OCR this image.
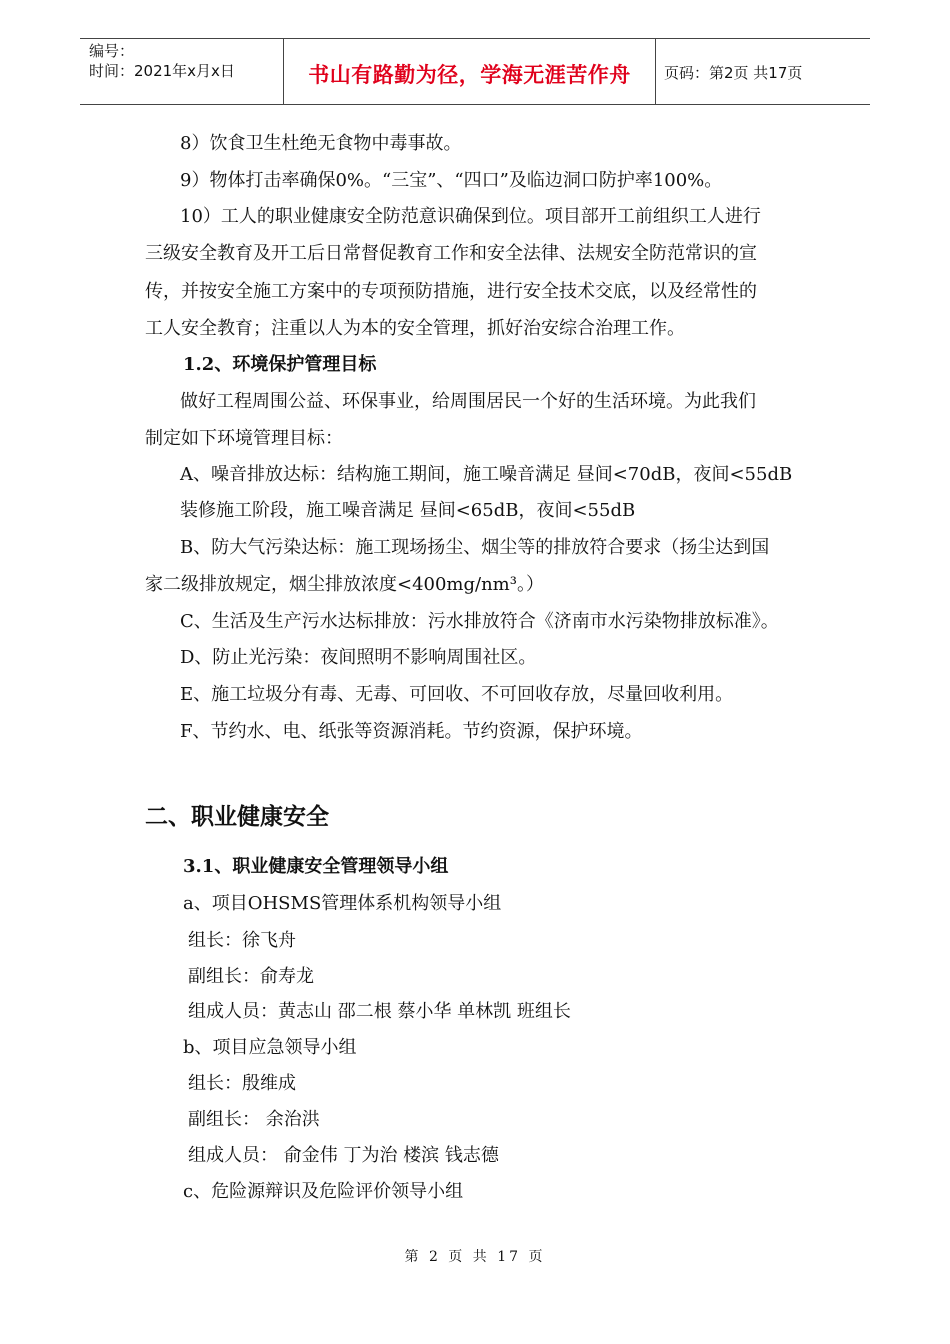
编号：
时间：2021年x月x日	书山有路勤为径，学海无涯苦作舟	页码：第2页 共17页
8）饮食卫生杜绝无食物中毒事故。
9）物体打击率确保0%。“三宝”、“四口”及临边洞口防护率100%。
10）工人的职业健康安全防范意识确保到位。项目部开工前组织工人进行
三级安全教育及开工后日常督促教育工作和安全法律、法规安全防范常识的宣
传，并按安全施工方案中的专项预防措施，进行安全技术交底，以及经常性的
工人安全教育；注重以人为本的安全管理，抓好治安综合治理工作。
1.2、环境保护管理目标
做好工程周围公益、环保事业，给周围居民一个好的生活环境。为此我们
制定如下环境管理目标：
A、噪音排放达标：结构施工期间，施工噪音满足 昼间<70dB，夜间<55dB
装修施工阶段，施工噪音满足 昼间<65dB，夜间<55dB
B、防大气污染达标：施工现场扬尘、烟尘等的排放符合要求（扬尘达到国
家二级排放规定，烟尘排放浓度<400mg/nm³。）
C、生活及生产污水达标排放：污水排放符合《济南市水污染物排放标准》。
D、防止光污染：夜间照明不影响周围社区。
E、施工垃圾分有毒、无毒、可回收、不可回收存放，尽量回收利用。
F、节约水、电、纸张等资源消耗。节约资源，保护环境。
二、职业健康安全
3.1、职业健康安全管理领导小组
a、项目OHSMS管理体系机构领导小组
组长：徐飞舟
副组长：俞寿龙
组成人员：黄志山 邵二根 蔡小华 单林凯 班组长
b、项目应急领导小组
组长：殷维成
副组长： 余治洪
组成人员： 俞金伟 丁为治 楼滨 钱志德
c、危险源辩识及危险评价领导小组
第 2 页 共 17 页
